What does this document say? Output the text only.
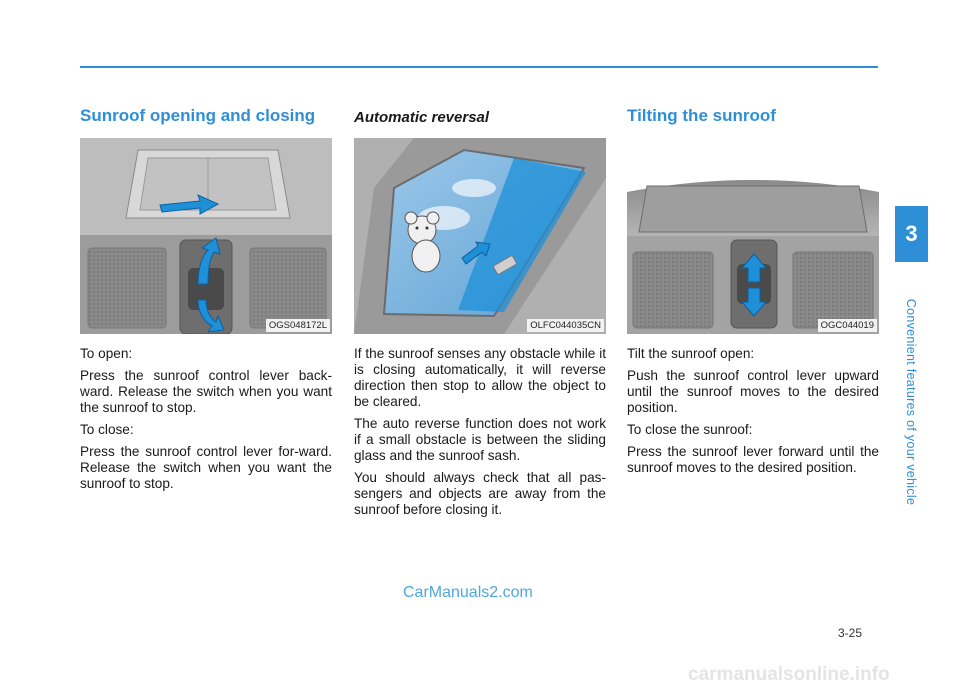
Sunroof opening and closing
OGS048172L

To open:

Press the sunroof control lever back-ward. Release the switch when you want the sunroof to stop.

To close:

Press the sunroof control lever for-ward. Release the switch when you want the sunroof to stop.

Automatic reversal
OLFC044035CN

If the sunroof senses any obstacle while it is closing automatically, it will reverse direction then stop to allow the object to be cleared.

The auto reverse function does not work if a small obstacle is between the sliding glass and the sunroof sash.

You should always check that all pas-sengers and objects are away from the sunroof before closing it.

Tilting the sunroof
OGC044019

Tilt the sunroof open:

Push the sunroof control lever upward until the sunroof moves to the desired position.

To close the sunroof:

Press the sunroof lever forward until the sunroof moves to the desired position.

3
Convenient features of your vehicle
3-25
CarManuals2.com
carmanualsonline.info
